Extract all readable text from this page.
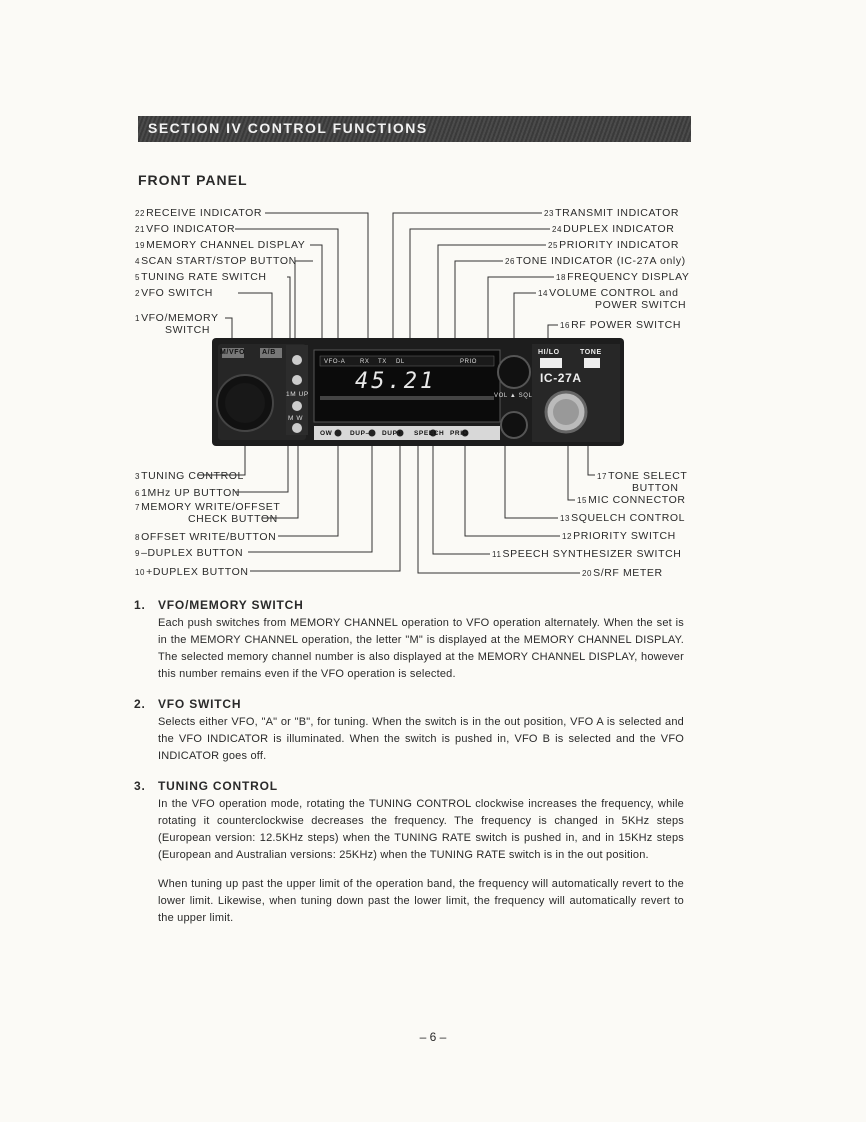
SECTION IV CONTROL FUNCTIONS
FRONT PANEL
M/VFO A/B
1M UP
M W
VFO-A RX TX DL	PRIO
45.21
VOL ▲ SQL
HI/LO	TONE
IC-27A
OW	DUP– DUP+ SPEECH PRIO
22RECEIVE INDICATOR
21VFO INDICATOR
19MEMORY CHANNEL DISPLAY
4SCAN START/STOP BUTTON
5TUNING RATE SWITCH
2VFO SWITCH
1VFO/MEMORY
SWITCH
23TRANSMIT INDICATOR
24DUPLEX INDICATOR
25PRIORITY INDICATOR
26TONE INDICATOR (IC-27A only)
18FREQUENCY DISPLAY
14VOLUME CONTROL and
POWER SWITCH
16RF POWER SWITCH
3TUNING CONTROL
61MHz UP BUTTON
7MEMORY WRITE/OFFSET
CHECK BUTTON
8OFFSET WRITE/BUTTON
9–DUPLEX BUTTON
10+DUPLEX BUTTON
17TONE SELECT
BUTTON
15MIC CONNECTOR
13SQUELCH CONTROL
12PRIORITY SWITCH
11SPEECH SYNTHESIZER SWITCH
20S/RF METER
1. VFO/MEMORY SWITCH
Each push switches from MEMORY CHANNEL operation to VFO operation alternately. When the set is in the MEMORY CHANNEL operation, the letter "M" is displayed at the MEMORY CHANNEL DISPLAY. The selected memory channel number is also displayed at the MEMORY CHANNEL DISPLAY, however this number remains even if the VFO operation is selected.
2. VFO SWITCH
Selects either VFO, "A" or "B", for tuning. When the switch is in the out position, VFO A is selected and the VFO INDICATOR is illuminated. When the switch is pushed in, VFO B is selected and the VFO INDICATOR goes off.
3. TUNING CONTROL
In the VFO operation mode, rotating the TUNING CONTROL clockwise increases the frequency, while rotating it counterclockwise decreases the frequency. The frequency is changed in 5KHz steps (European version: 12.5KHz steps) when the TUNING RATE switch is pushed in, and in 15KHz steps (European and Australian versions: 25KHz) when the TUNING RATE switch is in the out position.
When tuning up past the upper limit of the operation band, the frequency will automatically revert to the lower limit. Likewise, when tuning down past the lower limit, the frequency will automatically revert to the upper limit.
– 6 –
